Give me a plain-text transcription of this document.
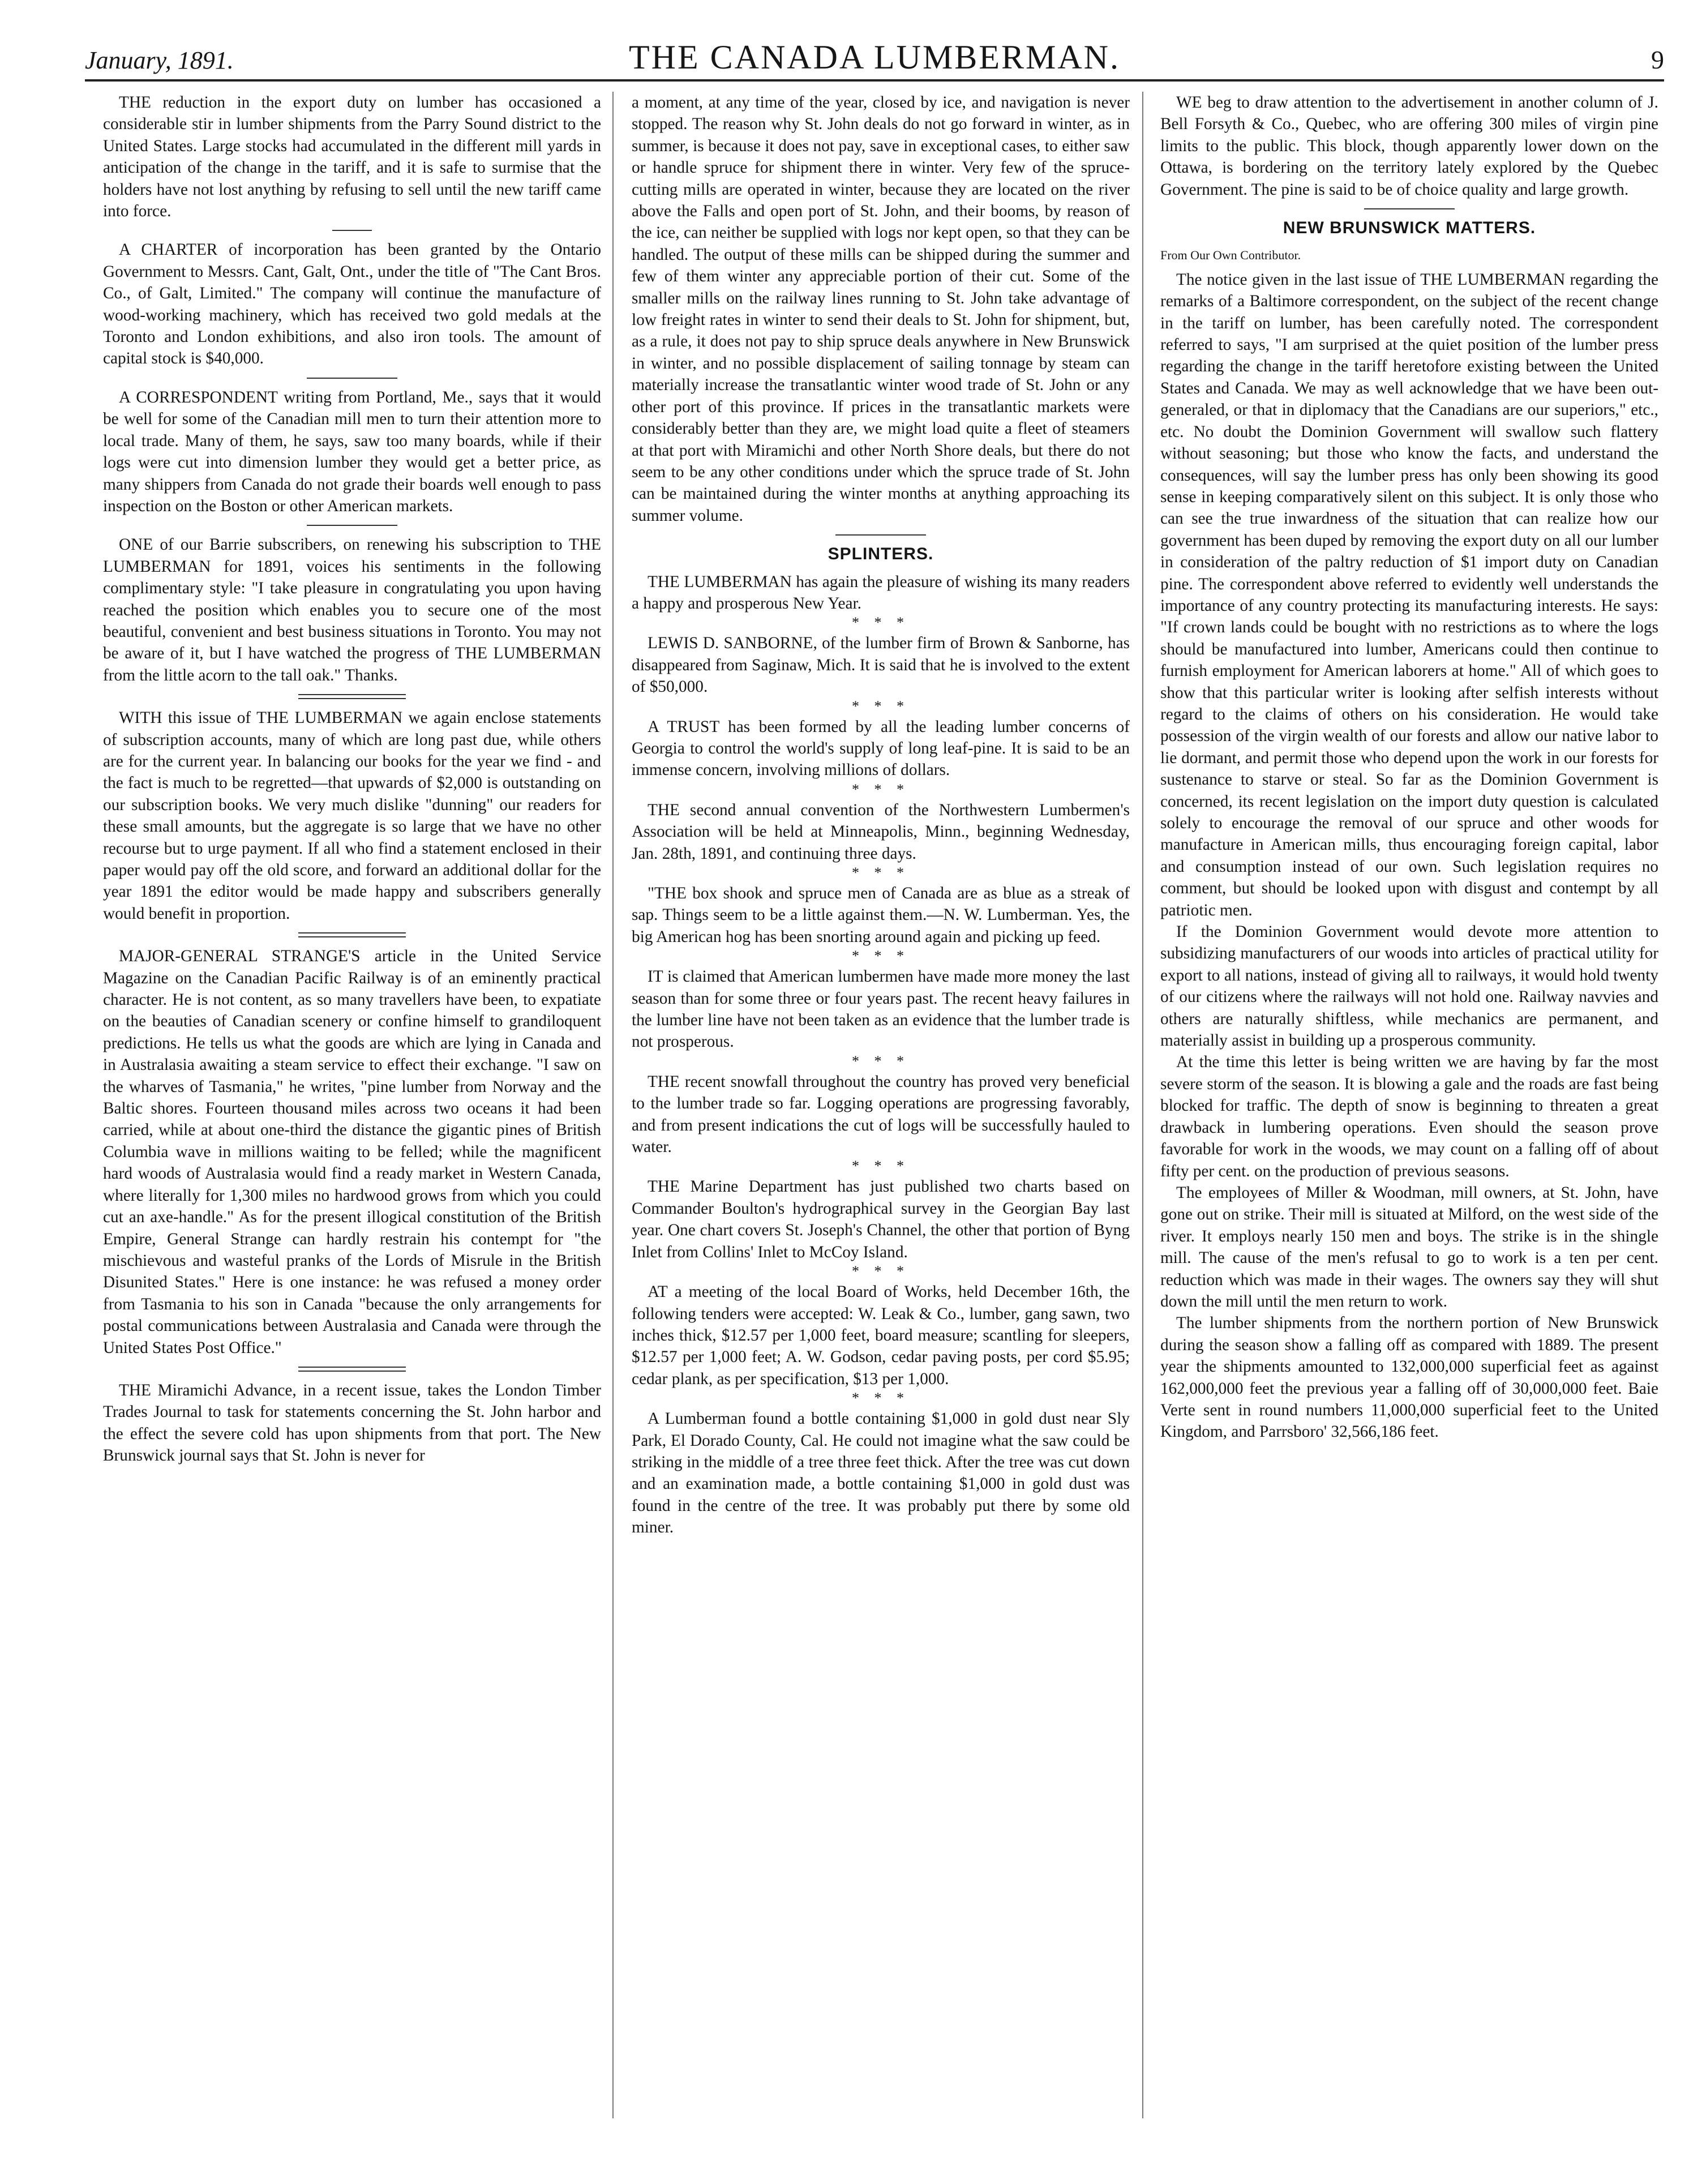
January, 1891.	THE CANADA LUMBERMAN.	9

THE reduction in the export duty on lumber has occasioned a considerable stir in lumber shipments from the Parry Sound district to the United States. Large stocks had accumulated in the different mill yards in anticipation of the change in the tariff, and it is safe to surmise that the holders have not lost anything by refusing to sell until the new tariff came into force.

A CHARTER of incorporation has been granted by the Ontario Government to Messrs. Cant, Galt, Ont., under the title of "The Cant Bros. Co., of Galt, Limited." The company will continue the manufacture of wood-working machinery, which has received two gold medals at the Toronto and London exhibitions, and also iron tools. The amount of capital stock is $40,000.

A CORRESPONDENT writing from Portland, Me., says that it would be well for some of the Canadian mill men to turn their attention more to local trade. Many of them, he says, saw too many boards, while if their logs were cut into dimension lumber they would get a better price, as many shippers from Canada do not grade their boards well enough to pass inspection on the Boston or other American markets.

ONE of our Barrie subscribers, on renewing his subscription to THE LUMBERMAN for 1891, voices his sentiments in the following complimentary style: "I take pleasure in congratulating you upon having reached the position which enables you to secure one of the most beautiful, convenient and best business situations in Toronto. You may not be aware of it, but I have watched the progress of THE LUMBERMAN from the little acorn to the tall oak." Thanks.

WITH this issue of THE LUMBERMAN we again enclose statements of subscription accounts, many of which are long past due, while others are for the current year. In balancing our books for the year we find - and the fact is much to be regretted—that upwards of $2,000 is outstanding on our subscription books. We very much dislike "dunning" our readers for these small amounts, but the aggregate is so large that we have no other recourse but to urge payment. If all who find a statement enclosed in their paper would pay off the old score, and forward an additional dollar for the year 1891 the editor would be made happy and subscribers generally would benefit in proportion.

MAJOR-GENERAL STRANGE'S article in the United Service Magazine on the Canadian Pacific Railway is of an eminently practical character. He is not content, as so many travellers have been, to expatiate on the beauties of Canadian scenery or confine himself to grandiloquent predictions. He tells us what the goods are which are lying in Canada and in Australasia awaiting a steam service to effect their exchange. "I saw on the wharves of Tasmania," he writes, "pine lumber from Norway and the Baltic shores. Fourteen thousand miles across two oceans it had been carried, while at about one-third the distance the gigantic pines of British Columbia wave in millions waiting to be felled; while the magnificent hard woods of Australasia would find a ready market in Western Canada, where literally for 1,300 miles no hardwood grows from which you could cut an axe-handle." As for the present illogical constitution of the British Empire, General Strange can hardly restrain his contempt for "the mischievous and wasteful pranks of the Lords of Misrule in the British Disunited States." Here is one instance: he was refused a money order from Tasmania to his son in Canada "because the only arrangements for postal communications between Australasia and Canada were through the United States Post Office."

THE Miramichi Advance, in a recent issue, takes the London Timber Trades Journal to task for statements concerning the St. John harbor and the effect the severe cold has upon shipments from that port. The New Brunswick journal says that St. John is never for

a moment, at any time of the year, closed by ice, and navigation is never stopped. The reason why St. John deals do not go forward in winter, as in summer, is because it does not pay, save in exceptional cases, to either saw or handle spruce for shipment there in winter. Very few of the spruce-cutting mills are operated in winter, because they are located on the river above the Falls and open port of St. John, and their booms, by reason of the ice, can neither be supplied with logs nor kept open, so that they can be handled. The output of these mills can be shipped during the summer and few of them winter any appreciable portion of their cut. Some of the smaller mills on the railway lines running to St. John take advantage of low freight rates in winter to send their deals to St. John for shipment, but, as a rule, it does not pay to ship spruce deals anywhere in New Brunswick in winter, and no possible displacement of sailing tonnage by steam can materially increase the transatlantic winter wood trade of St. John or any other port of this province. If prices in the transatlantic markets were considerably better than they are, we might load quite a fleet of steamers at that port with Miramichi and other North Shore deals, but there do not seem to be any other conditions under which the spruce trade of St. John can be maintained during the winter months at anything approaching its summer volume.

SPLINTERS.

THE LUMBERMAN has again the pleasure of wishing its many readers a happy and prosperous New Year.

* * *

LEWIS D. SANBORNE, of the lumber firm of Brown & Sanborne, has disappeared from Saginaw, Mich. It is said that he is involved to the extent of $50,000.

* * *

A TRUST has been formed by all the leading lumber concerns of Georgia to control the world's supply of long leaf-pine. It is said to be an immense concern, involving millions of dollars.

* * *

THE second annual convention of the Northwestern Lumbermen's Association will be held at Minneapolis, Minn., beginning Wednesday, Jan. 28th, 1891, and continuing three days.

* * *

"THE box shook and spruce men of Canada are as blue as a streak of sap. Things seem to be a little against them.—N. W. Lumberman. Yes, the big American hog has been snorting around again and picking up feed.

* * *

IT is claimed that American lumbermen have made more money the last season than for some three or four years past. The recent heavy failures in the lumber line have not been taken as an evidence that the lumber trade is not prosperous.

* * *

THE recent snowfall throughout the country has proved very beneficial to the lumber trade so far. Logging operations are progressing favorably, and from present indications the cut of logs will be successfully hauled to water.

* * *

THE Marine Department has just published two charts based on Commander Boulton's hydrographical survey in the Georgian Bay last year. One chart covers St. Joseph's Channel, the other that portion of Byng Inlet from Collins' Inlet to McCoy Island.

* * *

AT a meeting of the local Board of Works, held December 16th, the following tenders were accepted: W. Leak & Co., lumber, gang sawn, two inches thick, $12.57 per 1,000 feet, board measure; scantling for sleepers, $12.57 per 1,000 feet; A. W. Godson, cedar paving posts, per cord $5.95; cedar plank, as per specification, $13 per 1,000.

* * *

A Lumberman found a bottle containing $1,000 in gold dust near Sly Park, El Dorado County, Cal. He could not imagine what the saw could be striking in the middle of a tree three feet thick. After the tree was cut down and an examination made, a bottle containing $1,000 in gold dust was found in the centre of the tree. It was probably put there by some old miner.

WE beg to draw attention to the advertisement in another column of J. Bell Forsyth & Co., Quebec, who are offering 300 miles of virgin pine limits to the public. This block, though apparently lower down on the Ottawa, is bordering on the territory lately explored by the Quebec Government. The pine is said to be of choice quality and large growth.

NEW BRUNSWICK MATTERS.

From Our Own Contributor.

The notice given in the last issue of THE LUMBERMAN regarding the remarks of a Baltimore correspondent, on the subject of the recent change in the tariff on lumber, has been carefully noted. The correspondent referred to says, "I am surprised at the quiet position of the lumber press regarding the change in the tariff heretofore existing between the United States and Canada. We may as well acknowledge that we have been out-generaled, or that in diplomacy that the Canadians are our superiors," etc., etc. No doubt the Dominion Government will swallow such flattery without seasoning; but those who know the facts, and understand the consequences, will say the lumber press has only been showing its good sense in keeping comparatively silent on this subject. It is only those who can see the true inwardness of the situation that can realize how our government has been duped by removing the export duty on all our lumber in consideration of the paltry reduction of $1 import duty on Canadian pine. The correspondent above referred to evidently well understands the importance of any country protecting its manufacturing interests. He says: "If crown lands could be bought with no restrictions as to where the logs should be manufactured into lumber, Americans could then continue to furnish employment for American laborers at home." All of which goes to show that this particular writer is looking after selfish interests without regard to the claims of others on his consideration. He would take possession of the virgin wealth of our forests and allow our native labor to lie dormant, and permit those who depend upon the work in our forests for sustenance to starve or steal. So far as the Dominion Government is concerned, its recent legislation on the import duty question is calculated solely to encourage the removal of our spruce and other woods for manufacture in American mills, thus encouraging foreign capital, labor and consumption instead of our own. Such legislation requires no comment, but should be looked upon with disgust and contempt by all patriotic men.

If the Dominion Government would devote more attention to subsidizing manufacturers of our woods into articles of practical utility for export to all nations, instead of giving all to railways, it would hold twenty of our citizens where the railways will not hold one. Railway navvies and others are naturally shiftless, while mechanics are permanent, and materially assist in building up a prosperous community.

At the time this letter is being written we are having by far the most severe storm of the season. It is blowing a gale and the roads are fast being blocked for traffic. The depth of snow is beginning to threaten a great drawback in lumbering operations. Even should the season prove favorable for work in the woods, we may count on a falling off of about fifty per cent. on the production of previous seasons.

The employees of Miller & Woodman, mill owners, at St. John, have gone out on strike. Their mill is situated at Milford, on the west side of the river. It employs nearly 150 men and boys. The strike is in the shingle mill. The cause of the men's refusal to go to work is a ten per cent. reduction which was made in their wages. The owners say they will shut down the mill until the men return to work.

The lumber shipments from the northern portion of New Brunswick during the season show a falling off as compared with 1889. The present year the shipments amounted to 132,000,000 superficial feet as against 162,000,000 feet the previous year a falling off of 30,000,000 feet. Baie Verte sent in round numbers 11,000,000 superficial feet to the United Kingdom, and Parrsboro' 32,566,186 feet.
